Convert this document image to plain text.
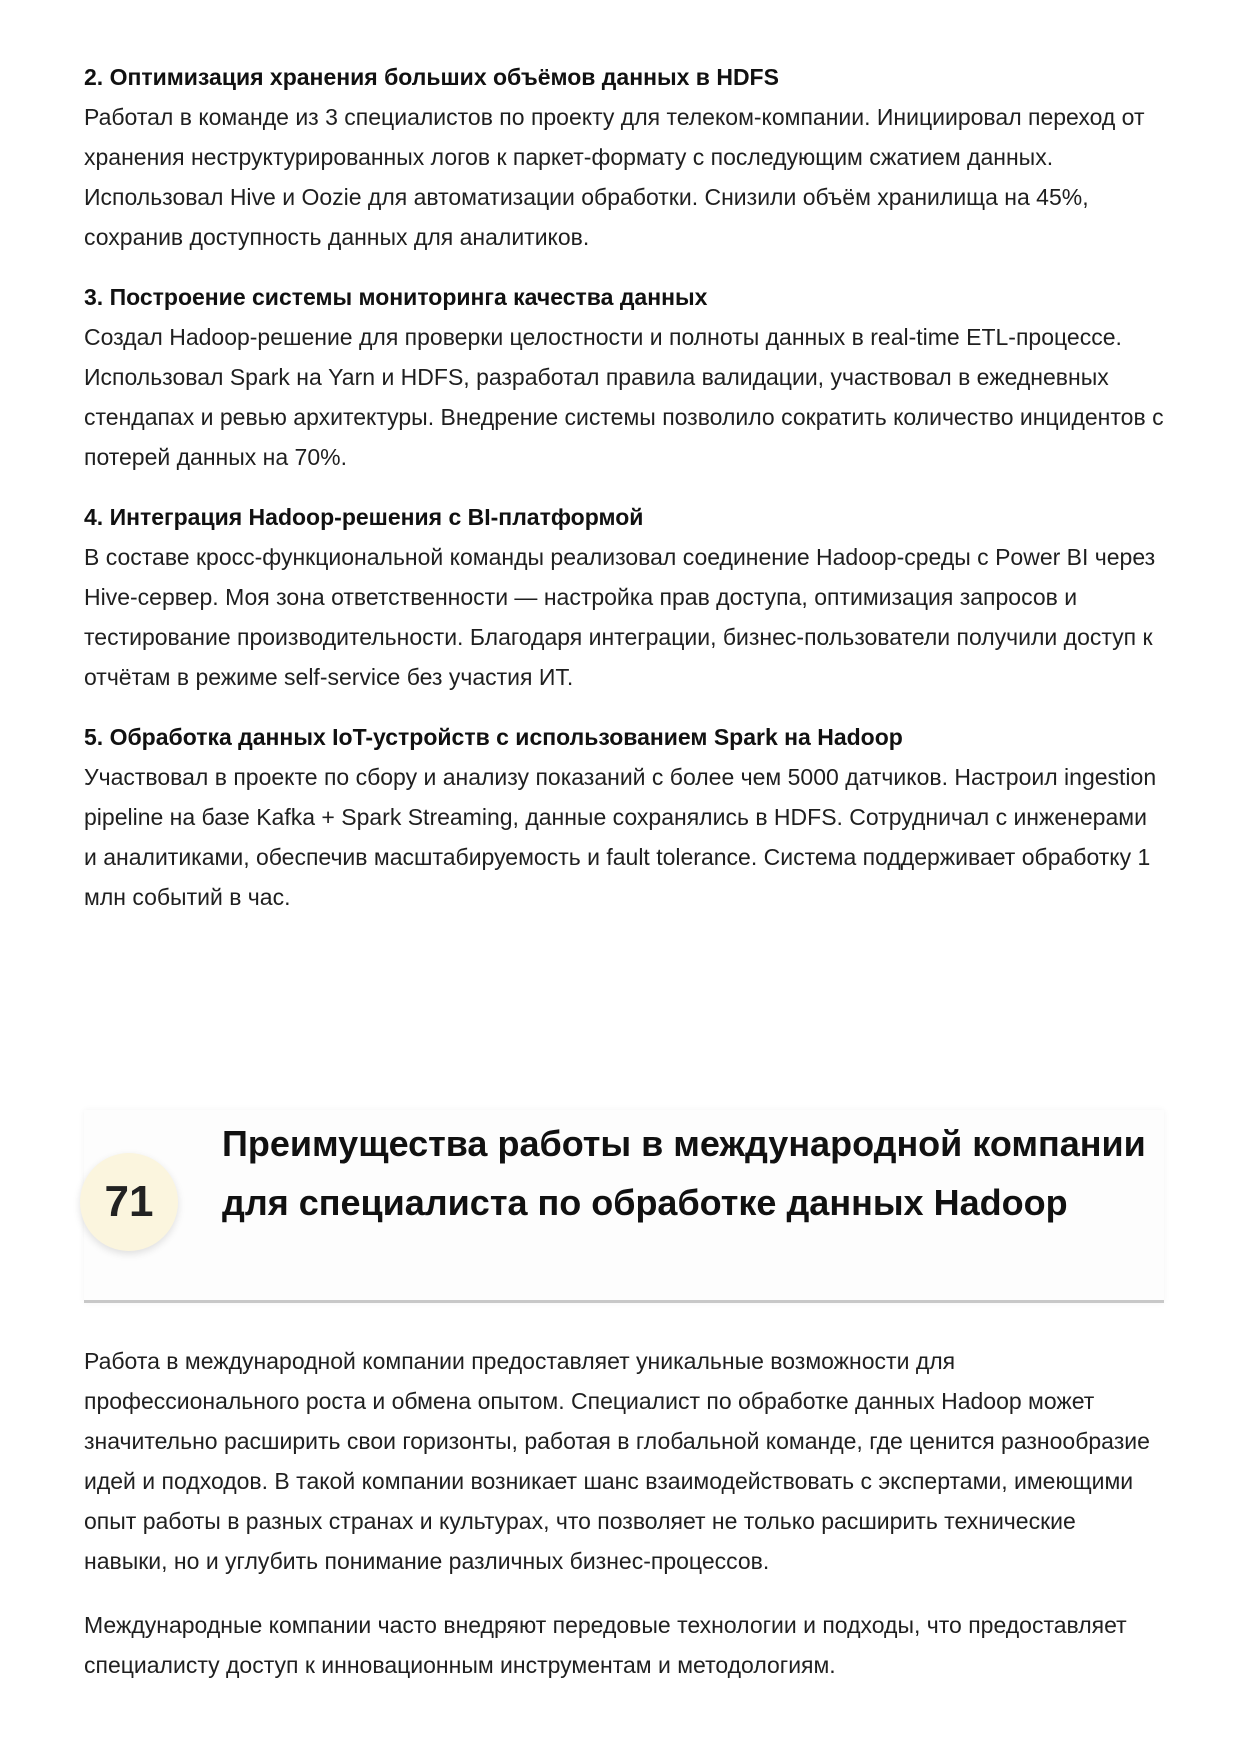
2. Оптимизация хранения больших объёмов данных в HDFS

Работал в команде из 3 специалистов по проекту для телеком-компании. Инициировал переход от хранения неструктурированных логов к паркет-формату с последующим сжатием данных. Использовал Hive и Oozie для автоматизации обработки. Снизили объём хранилища на 45%, сохранив доступность данных для аналитиков.

3. Построение системы мониторинга качества данных

Создал Hadoop-решение для проверки целостности и полноты данных в real-time ETL-процессе. Использовал Spark на Yarn и HDFS, разработал правила валидации, участвовал в ежедневных стендапах и ревью архитектуры. Внедрение системы позволило сократить количество инцидентов с потерей данных на 70%.

4. Интеграция Hadoop-решения с BI-платформой

В составе кросс-функциональной команды реализовал соединение Hadoop-среды с Power BI через Hive-сервер. Моя зона ответственности — настройка прав доступа, оптимизация запросов и тестирование производительности. Благодаря интеграции, бизнес-пользователи получили доступ к отчётам в режиме self-service без участия ИТ.

5. Обработка данных IoT-устройств с использованием Spark на Hadoop

Участвовал в проекте по сбору и анализу показаний с более чем 5000 датчиков. Настроил ingestion pipeline на базе Kafka + Spark Streaming, данные сохранялись в HDFS. Сотрудничал с инженерами и аналитиками, обеспечив масштабируемость и fault tolerance. Система поддерживает обработку 1 млн событий в час.

71
Преимущества работы в международной компании для специалиста по обработке данных Hadoop

Работа в международной компании предоставляет уникальные возможности для профессионального роста и обмена опытом. Специалист по обработке данных Hadoop может значительно расширить свои горизонты, работая в глобальной команде, где ценится разнообразие идей и подходов. В такой компании возникает шанс взаимодействовать с экспертами, имеющими опыт работы в разных странах и культурах, что позволяет не только расширить технические навыки, но и углубить понимание различных бизнес-процессов.

Международные компании часто внедряют передовые технологии и подходы, что предоставляет специалисту доступ к инновационным инструментам и методологиям.
